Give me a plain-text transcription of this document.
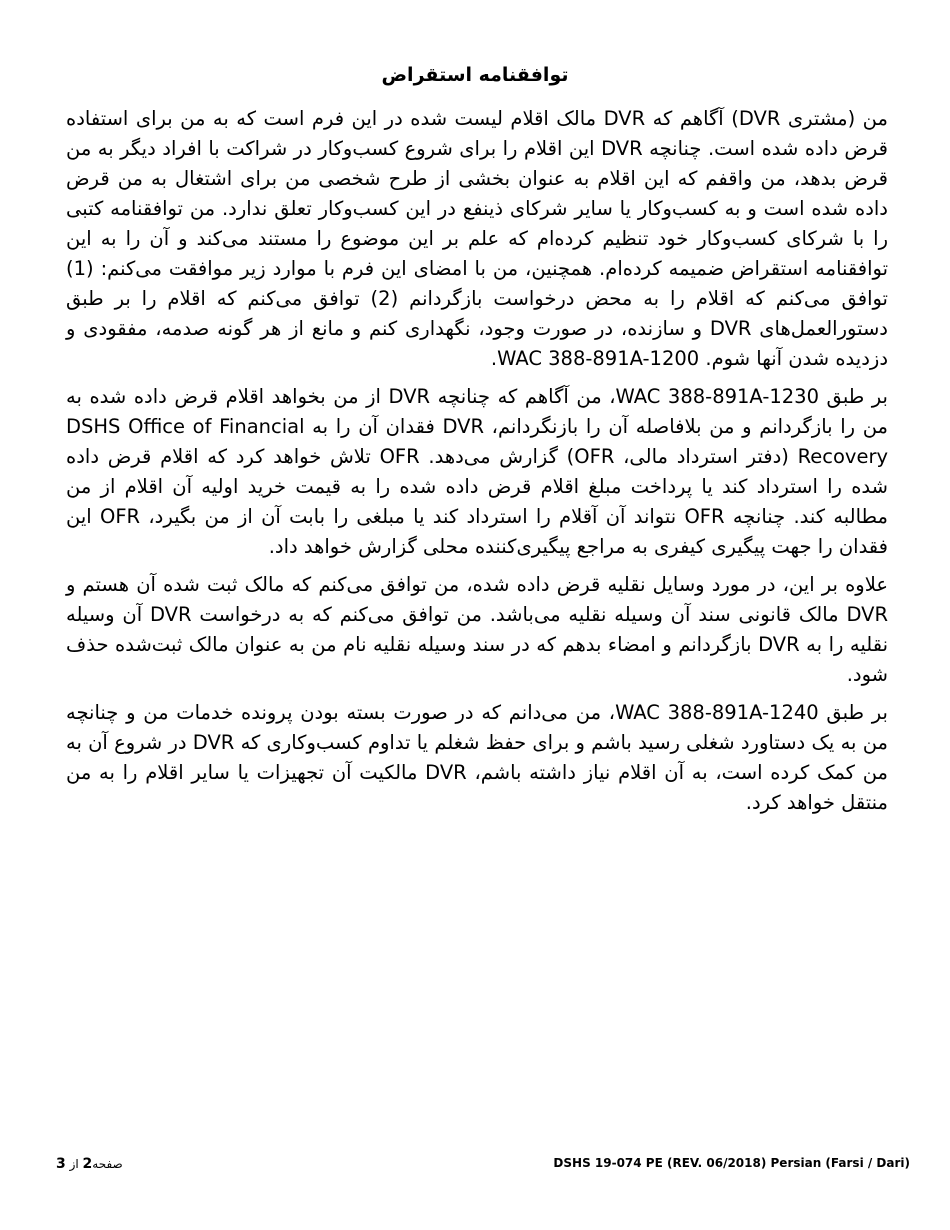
توافقنامه استقراض

من (مشتری DVR) آگاهم که DVR مالک اقلام لیست شده در این فرم است که به من برای استفاده قرض داده شده است. چنانچه DVR این اقلام را برای شروع کسب‌وکار در شراکت با افراد دیگر به من قرض بدهد، من واقفم که این اقلام به عنوان بخشی از طرح شخصی من برای اشتغال به من قرض داده شده است و به کسب‌وکار یا سایر شرکای ذینفع در این کسب‌وکار تعلق ندارد. من توافقنامه کتبی را با شرکای کسب‌وکار خود تنظیم کرده‌ام که علم بر این موضوع را مستند می‌کند و آن را به این توافقنامه استقراض ضمیمه کرده‌ام. همچنین، من با امضای این فرم با موارد زیر موافقت می‌کنم: (1) توافق می‌کنم که اقلام را به محض درخواست بازگردانم (2) توافق می‌کنم که اقلام را بر طبق دستورالعمل‌های DVR و سازنده، در صورت وجود، نگهداری کنم و مانع از هر گونه صدمه، مفقودی و دزدیده شدن آنها شوم. WAC 388-891A-1200.

بر طبق WAC 388-891A-1230، من آگاهم که چنانچه DVR از من بخواهد اقلام قرض داده شده به من را بازگردانم و من بلافاصله آن را بازنگردانم، DVR فقدان آن را به DSHS Office of Financial Recovery (دفتر استرداد مالی، OFR) گزارش می‌دهد. OFR تلاش خواهد کرد که اقلام قرض داده شده را استرداد کند یا پرداخت مبلغ اقلام قرض داده شده را به قیمت خرید اولیه آن اقلام از من مطالبه کند. چنانچه OFR نتواند آن آقلام را استرداد کند یا مبلغی را بابت آن از من بگیرد، OFR این فقدان را جهت پیگیری کیفری به مراجع پیگیری‌کننده محلی گزارش خواهد داد.

علاوه بر این، در مورد وسایل نقلیه قرض داده شده، من توافق می‌کنم که مالک ثبت شده آن هستم و DVR مالک قانونی سند آن وسیله نقلیه می‌باشد. من توافق می‌کنم که به درخواست DVR آن وسیله نقلیه را به DVR بازگردانم و امضاء بدهم که در سند وسیله نقلیه نام من به عنوان مالک ثبت‌شده حذف شود.

بر طبق WAC 388-891A-1240، من می‌دانم که در صورت بسته بودن پرونده خدمات من و چنانچه من به یک دستاورد شغلی رسید باشم و برای حفظ شغلم یا تداوم کسب‌وکاری که DVR در شروع آن به من کمک کرده است، به آن اقلام نیاز داشته باشم، DVR مالکیت آن تجهیزات یا سایر اقلام را به من منتقل خواهد کرد.

صفحه2 از 3	DSHS 19-074 PE (REV. 06/2018) Persian (Farsi / Dari)
